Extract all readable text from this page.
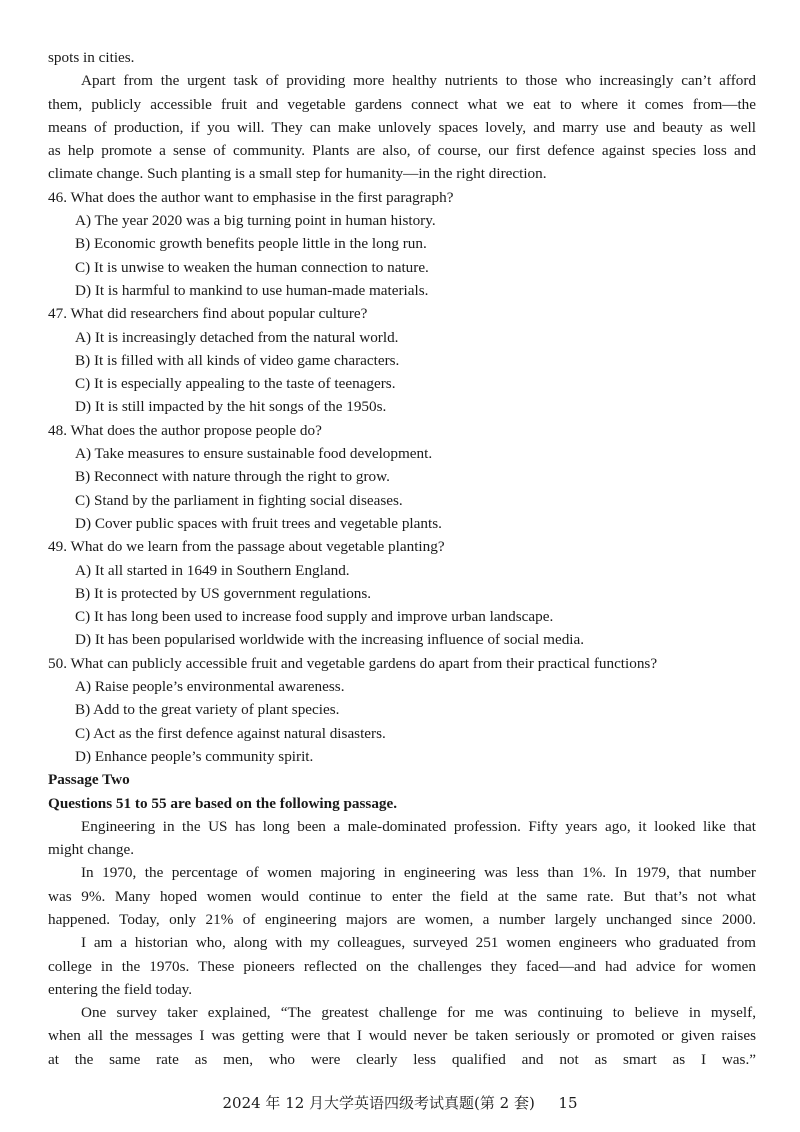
spots in cities.
Apart from the urgent task of providing more healthy nutrients to those who increasingly can’t afford
them, publicly accessible fruit and vegetable gardens connect what we eat to where it comes from—the
means of production, if you will. They can make unlovely spaces lovely, and marry use and beauty as well
as help promote a sense of community. Plants are also, of course, our first defence against species loss and
climate change. Such planting is a small step for humanity—in the right direction.
46. What does the author want to emphasise in the first paragraph?
A) The year 2020 was a big turning point in human history.
B) Economic growth benefits people little in the long run.
C) It is unwise to weaken the human connection to nature.
D) It is harmful to mankind to use human-made materials.
47. What did researchers find about popular culture?
A) It is increasingly detached from the natural world.
B) It is filled with all kinds of video game characters.
C) It is especially appealing to the taste of teenagers.
D) It is still impacted by the hit songs of the 1950s.
48. What does the author propose people do?
A) Take measures to ensure sustainable food development.
B) Reconnect with nature through the right to grow.
C) Stand by the parliament in fighting social diseases.
D) Cover public spaces with fruit trees and vegetable plants.
49. What do we learn from the passage about vegetable planting?
A) It all started in 1649 in Southern England.
B) It is protected by US government regulations.
C) It has long been used to increase food supply and improve urban landscape.
D) It has been popularised worldwide with the increasing influence of social media.
50. What can publicly accessible fruit and vegetable gardens do apart from their practical functions?
A) Raise people’s environmental awareness.
B) Add to the great variety of plant species.
C) Act as the first defence against natural disasters.
D) Enhance people’s community spirit.
Passage Two
Questions 51 to 55 are based on the following passage.
Engineering in the US has long been a male-dominated profession. Fifty years ago, it looked like that
might change.
In 1970, the percentage of women majoring in engineering was less than 1%. In 1979, that number
was 9%. Many hoped women would continue to enter the field at the same rate. But that’s not what
happened. Today, only 21% of engineering majors are women, a number largely unchanged since 2000.
I am a historian who, along with my colleagues, surveyed 251 women engineers who graduated from
college in the 1970s. These pioneers reflected on the challenges they faced—and had advice for women
entering the field today.
One survey taker explained, “The greatest challenge for me was continuing to believe in myself,
when all the messages I was getting were that I would never be taken seriously or promoted or given raises
at the same rate as men, who were clearly less qualified and not as smart as I was.”
2024 年 12 月大学英语四级考试真题(第 2 套) 15
